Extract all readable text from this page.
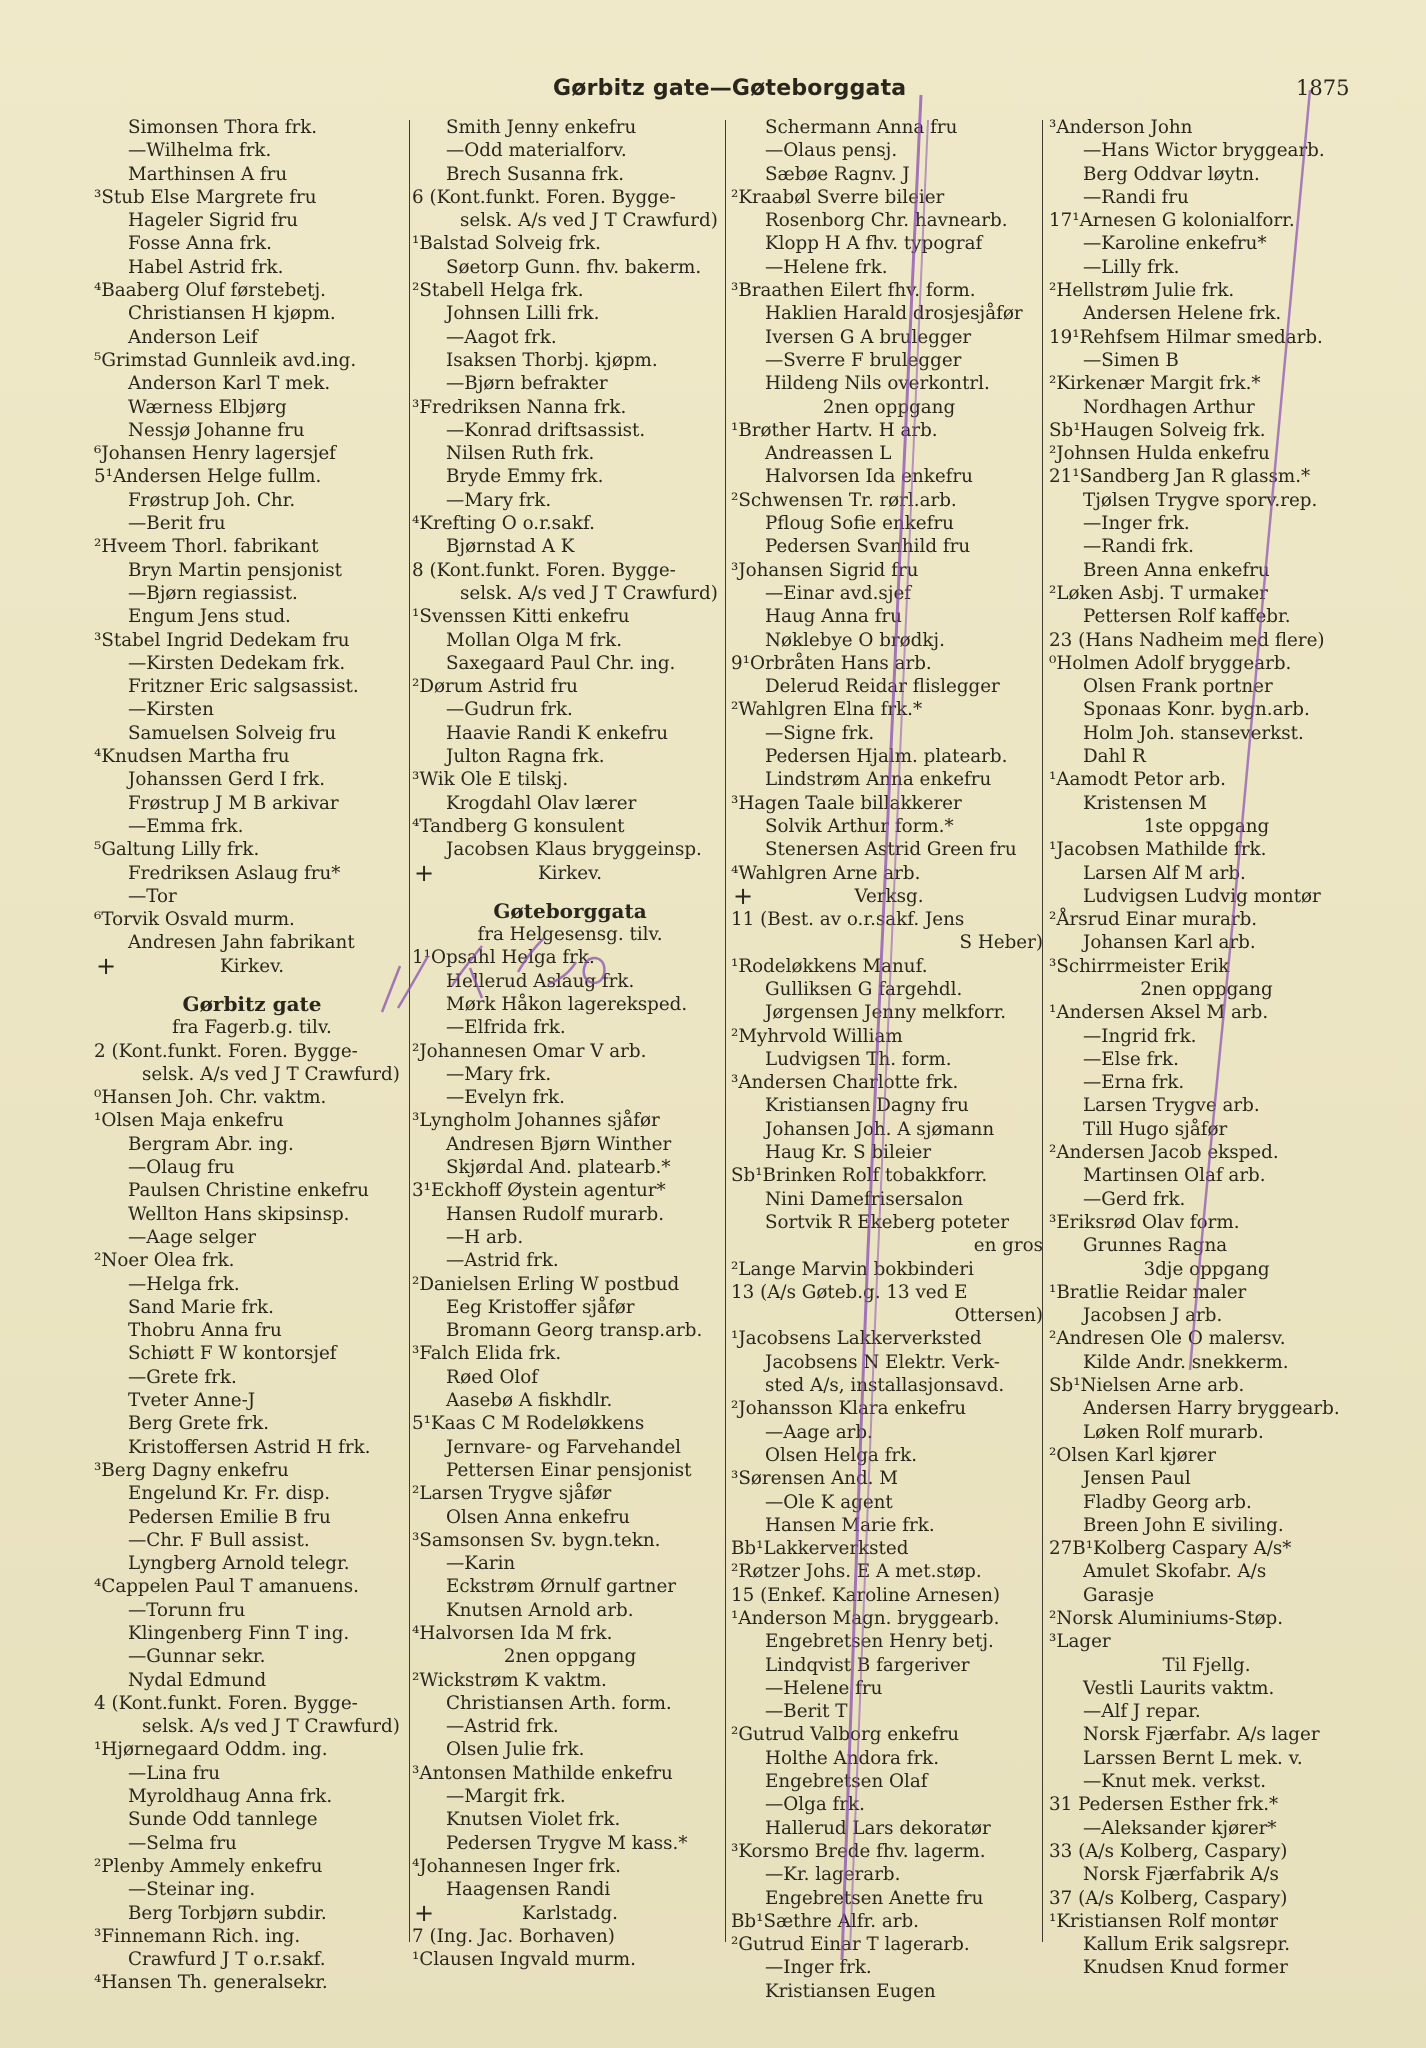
Gørbitz gate—Gøteborggata	1875
Simonsen Thora frk.
—Wilhelma frk.
Marthinsen A fru
³Stub Else Margrete fru
Hageler Sigrid fru
Fosse Anna frk.
Habel Astrid frk.
⁴Baaberg Oluf førstebetj.
Christiansen H kjøpm.
Anderson Leif
⁵Grimstad Gunnleik avd.ing.
Anderson Karl T mek.
Wærness Elbjørg
Nessjø Johanne fru
⁶Johansen Henry lagersjef
5¹Andersen Helge fullm.
Frøstrup Joh. Chr.
—Berit fru
²Hveem Thorl. fabrikant
Bryn Martin pensjonist
—Bjørn regiassist.
Engum Jens stud.
³Stabel Ingrid Dedekam fru
—Kirsten Dedekam frk.
Fritzner Eric salgsassist.
—Kirsten
Samuelsen Solveig fru
⁴Knudsen Martha fru
Johanssen Gerd I frk.
Frøstrup J M B arkivar
—Emma frk.
⁵Galtung Lilly frk.
Fredriksen Aslaug fru*
—Tor
⁶Torvik Osvald murm.
Andresen Jahn fabrikant
+	Kirkev.
Gørbitz gate
fra Fagerb.g. tilv.
2 (Kont.funkt. Foren. Bygge-
selsk. A/s ved J T Crawfurd)
⁰Hansen Joh. Chr. vaktm.
¹Olsen Maja enkefru
Bergram Abr. ing.
—Olaug fru
Paulsen Christine enkefru
Wellton Hans skipsinsp.
—Aage selger
²Noer Olea frk.
—Helga frk.
Sand Marie frk.
Thobru Anna fru
Schiøtt F W kontorsjef
—Grete frk.
Tveter Anne-J
Berg Grete frk.
Kristoffersen Astrid H frk.
³Berg Dagny enkefru
Engelund Kr. Fr. disp.
Pedersen Emilie B fru
—Chr. F Bull assist.
Lyngberg Arnold telegr.
⁴Cappelen Paul T amanuens.
—Torunn fru
Klingenberg Finn T ing.
—Gunnar sekr.
Nydal Edmund
4 (Kont.funkt. Foren. Bygge-
selsk. A/s ved J T Crawfurd)
¹Hjørnegaard Oddm. ing.
—Lina fru
Myroldhaug Anna frk.
Sunde Odd tannlege
—Selma fru
²Plenby Ammely enkefru
—Steinar ing.
Berg Torbjørn subdir.
³Finnemann Rich. ing.
Crawfurd J T o.r.sakf.
⁴Hansen Th. generalsekr.
Smith Jenny enkefru
—Odd materialforv.
Brech Susanna frk.
6 (Kont.funkt. Foren. Bygge-
selsk. A/s ved J T Crawfurd)
¹Balstad Solveig frk.
Søetorp Gunn. fhv. bakerm.
²Stabell Helga frk.
Johnsen Lilli frk.
—Aagot frk.
Isaksen Thorbj. kjøpm.
—Bjørn befrakter
³Fredriksen Nanna frk.
—Konrad driftsassist.
Nilsen Ruth frk.
Bryde Emmy frk.
—Mary frk.
⁴Krefting O o.r.sakf.
Bjørnstad A K
8 (Kont.funkt. Foren. Bygge-
selsk. A/s ved J T Crawfurd)
¹Svenssen Kitti enkefru
Mollan Olga M frk.
Saxegaard Paul Chr. ing.
²Dørum Astrid fru
—Gudrun frk.
Haavie Randi K enkefru
Julton Ragna frk.
³Wik Ole E tilskj.
Krogdahl Olav lærer
⁴Tandberg G konsulent
Jacobsen Klaus bryggeinsp.
+	Kirkev.
Gøteborggata
fra Helgesensg. tilv.
1¹Opsahl Helga frk.
Hellerud Aslaug frk.
Mørk Håkon lagereksped.
—Elfrida frk.
²Johannesen Omar V arb.
—Mary frk.
—Evelyn frk.
³Lyngholm Johannes sjåfør
Andresen Bjørn Winther
Skjørdal And. platearb.*
3¹Eckhoff Øystein agentur*
Hansen Rudolf murarb.
—H arb.
—Astrid frk.
²Danielsen Erling W postbud
Eeg Kristoffer sjåfør
Bromann Georg transp.arb.
³Falch Elida frk.
Røed Olof
Aasebø A fiskhdlr.
5¹Kaas C M Rodeløkkens
Jernvare- og Farvehandel
Pettersen Einar pensjonist
²Larsen Trygve sjåfør
Olsen Anna enkefru
³Samsonsen Sv. bygn.tekn.
—Karin
Eckstrøm Ørnulf gartner
Knutsen Arnold arb.
⁴Halvorsen Ida M frk.
2nen oppgang
²Wickstrøm K vaktm.
Christiansen Arth. form.
—Astrid frk.
Olsen Julie frk.
³Antonsen Mathilde enkefru
—Margit frk.
Knutsen Violet frk.
Pedersen Trygve M kass.*
⁴Johannesen Inger frk.
Haagensen Randi
+	Karlstadg.
7 (Ing. Jac. Borhaven)
¹Clausen Ingvald murm.
Schermann Anna fru
—Olaus pensj.
Sæbøe Ragnv. J
²Kraabøl Sverre bileier
Rosenborg Chr. havnearb.
Klopp H A fhv. typograf
—Helene frk.
³Braathen Eilert fhv. form.
Haklien Harald drosjesjåfør
Iversen G A brulegger
—Sverre F brulegger
Hildeng Nils overkontrl.
2nen oppgang
¹Brøther Hartv. H arb.
Andreassen L
Halvorsen Ida enkefru
²Schwensen Tr. rørl.arb.
Pfloug Sofie enkefru
Pedersen Svanhild fru
³Johansen Sigrid fru
—Einar avd.sjef
Haug Anna fru
Nøklebye O brødkj.
9¹Orbråten Hans arb.
Delerud Reidar flislegger
²Wahlgren Elna frk.*
—Signe frk.
Pedersen Hjalm. platearb.
Lindstrøm Anna enkefru
³Hagen Taale billakkerer
Solvik Arthur form.*
Stenersen Astrid Green fru
⁴Wahlgren Arne arb.
+	Verksg.
11 (Best. av o.r.sakf. Jens
S Heber)
¹Rodeløkkens Manuf.
Gulliksen G fargehdl.
Jørgensen Jenny melkforr.
²Myhrvold William
Ludvigsen Th. form.
³Andersen Charlotte frk.
Kristiansen Dagny fru
Johansen Joh. A sjømann
Haug Kr. S bileier
Sb¹Brinken Rolf tobakkforr.
Nini Damefrisersalon
Sortvik R Ekeberg poteter
en gros
²Lange Marvin bokbinderi
13 (A/s Gøteb.g. 13 ved E
Ottersen)
¹Jacobsens Lakkerverksted
Jacobsens N Elektr. Verk-
sted A/s, installasjonsavd.
²Johansson Klara enkefru
—Aage arb.
Olsen Helga frk.
³Sørensen And. M
—Ole K agent
Hansen Marie frk.
Bb¹Lakkerverksted
²Røtzer Johs. E A met.støp.
15 (Enkef. Karoline Arnesen)
¹Anderson Magn. bryggearb.
Engebretsen Henry betj.
Lindqvist B fargeriver
—Helene fru
—Berit T
²Gutrud Valborg enkefru
Holthe Andora frk.
Engebretsen Olaf
—Olga frk.
Hallerud Lars dekoratør
³Korsmo Brede fhv. lagerm.
—Kr. lagerarb.
Engebretsen Anette fru
Bb¹Sæthre Alfr. arb.
²Gutrud Einar T lagerarb.
—Inger frk.
Kristiansen Eugen
³Anderson John
—Hans Wictor bryggearb.
Berg Oddvar løytn.
—Randi fru
17¹Arnesen G kolonialforr.
—Karoline enkefru*
—Lilly frk.
²Hellstrøm Julie frk.
Andersen Helene frk.
19¹Rehfsem Hilmar smedarb.
—Simen B
²Kirkenær Margit frk.*
Nordhagen Arthur
Sb¹Haugen Solveig frk.
²Johnsen Hulda enkefru
21¹Sandberg Jan R glassm.*
Tjølsen Trygve sporv.rep.
—Inger frk.
—Randi frk.
Breen Anna enkefru
²Løken Asbj. T urmaker
Pettersen Rolf kaffebr.
23 (Hans Nadheim med flere)
⁰Holmen Adolf bryggearb.
Olsen Frank portner
Sponaas Konr. bygn.arb.
Holm Joh. stanseverkst.
Dahl R
¹Aamodt Petor arb.
Kristensen M
1ste oppgang
¹Jacobsen Mathilde frk.
Larsen Alf M arb.
Ludvigsen Ludvig montør
²Årsrud Einar murarb.
Johansen Karl arb.
³Schirrmeister Erik
2nen oppgang
¹Andersen Aksel M arb.
—Ingrid frk.
—Else frk.
—Erna frk.
Larsen Trygve arb.
Till Hugo sjåfør
²Andersen Jacob eksped.
Martinsen Olaf arb.
—Gerd frk.
³Eriksrød Olav form.
Grunnes Ragna
3dje oppgang
¹Bratlie Reidar maler
Jacobsen J arb.
²Andresen Ole O malersv.
Kilde Andr. snekkerm.
Sb¹Nielsen Arne arb.
Andersen Harry bryggearb.
Løken Rolf murarb.
²Olsen Karl kjører
Jensen Paul
Fladby Georg arb.
Breen John E siviling.
27B¹Kolberg Caspary A/s*
Amulet Skofabr. A/s
Garasje
²Norsk Aluminiums-Støp.
³Lager
Til Fjellg.
Vestli Laurits vaktm.
—Alf J repar.
Norsk Fjærfabr. A/s lager
Larssen Bernt L mek. v.
—Knut mek. verkst.
31 Pedersen Esther frk.*
—Aleksander kjører*
33 (A/s Kolberg, Caspary)
Norsk Fjærfabrik A/s
37 (A/s Kolberg, Caspary)
¹Kristiansen Rolf montør
Kallum Erik salgsrepr.
Knudsen Knud former
